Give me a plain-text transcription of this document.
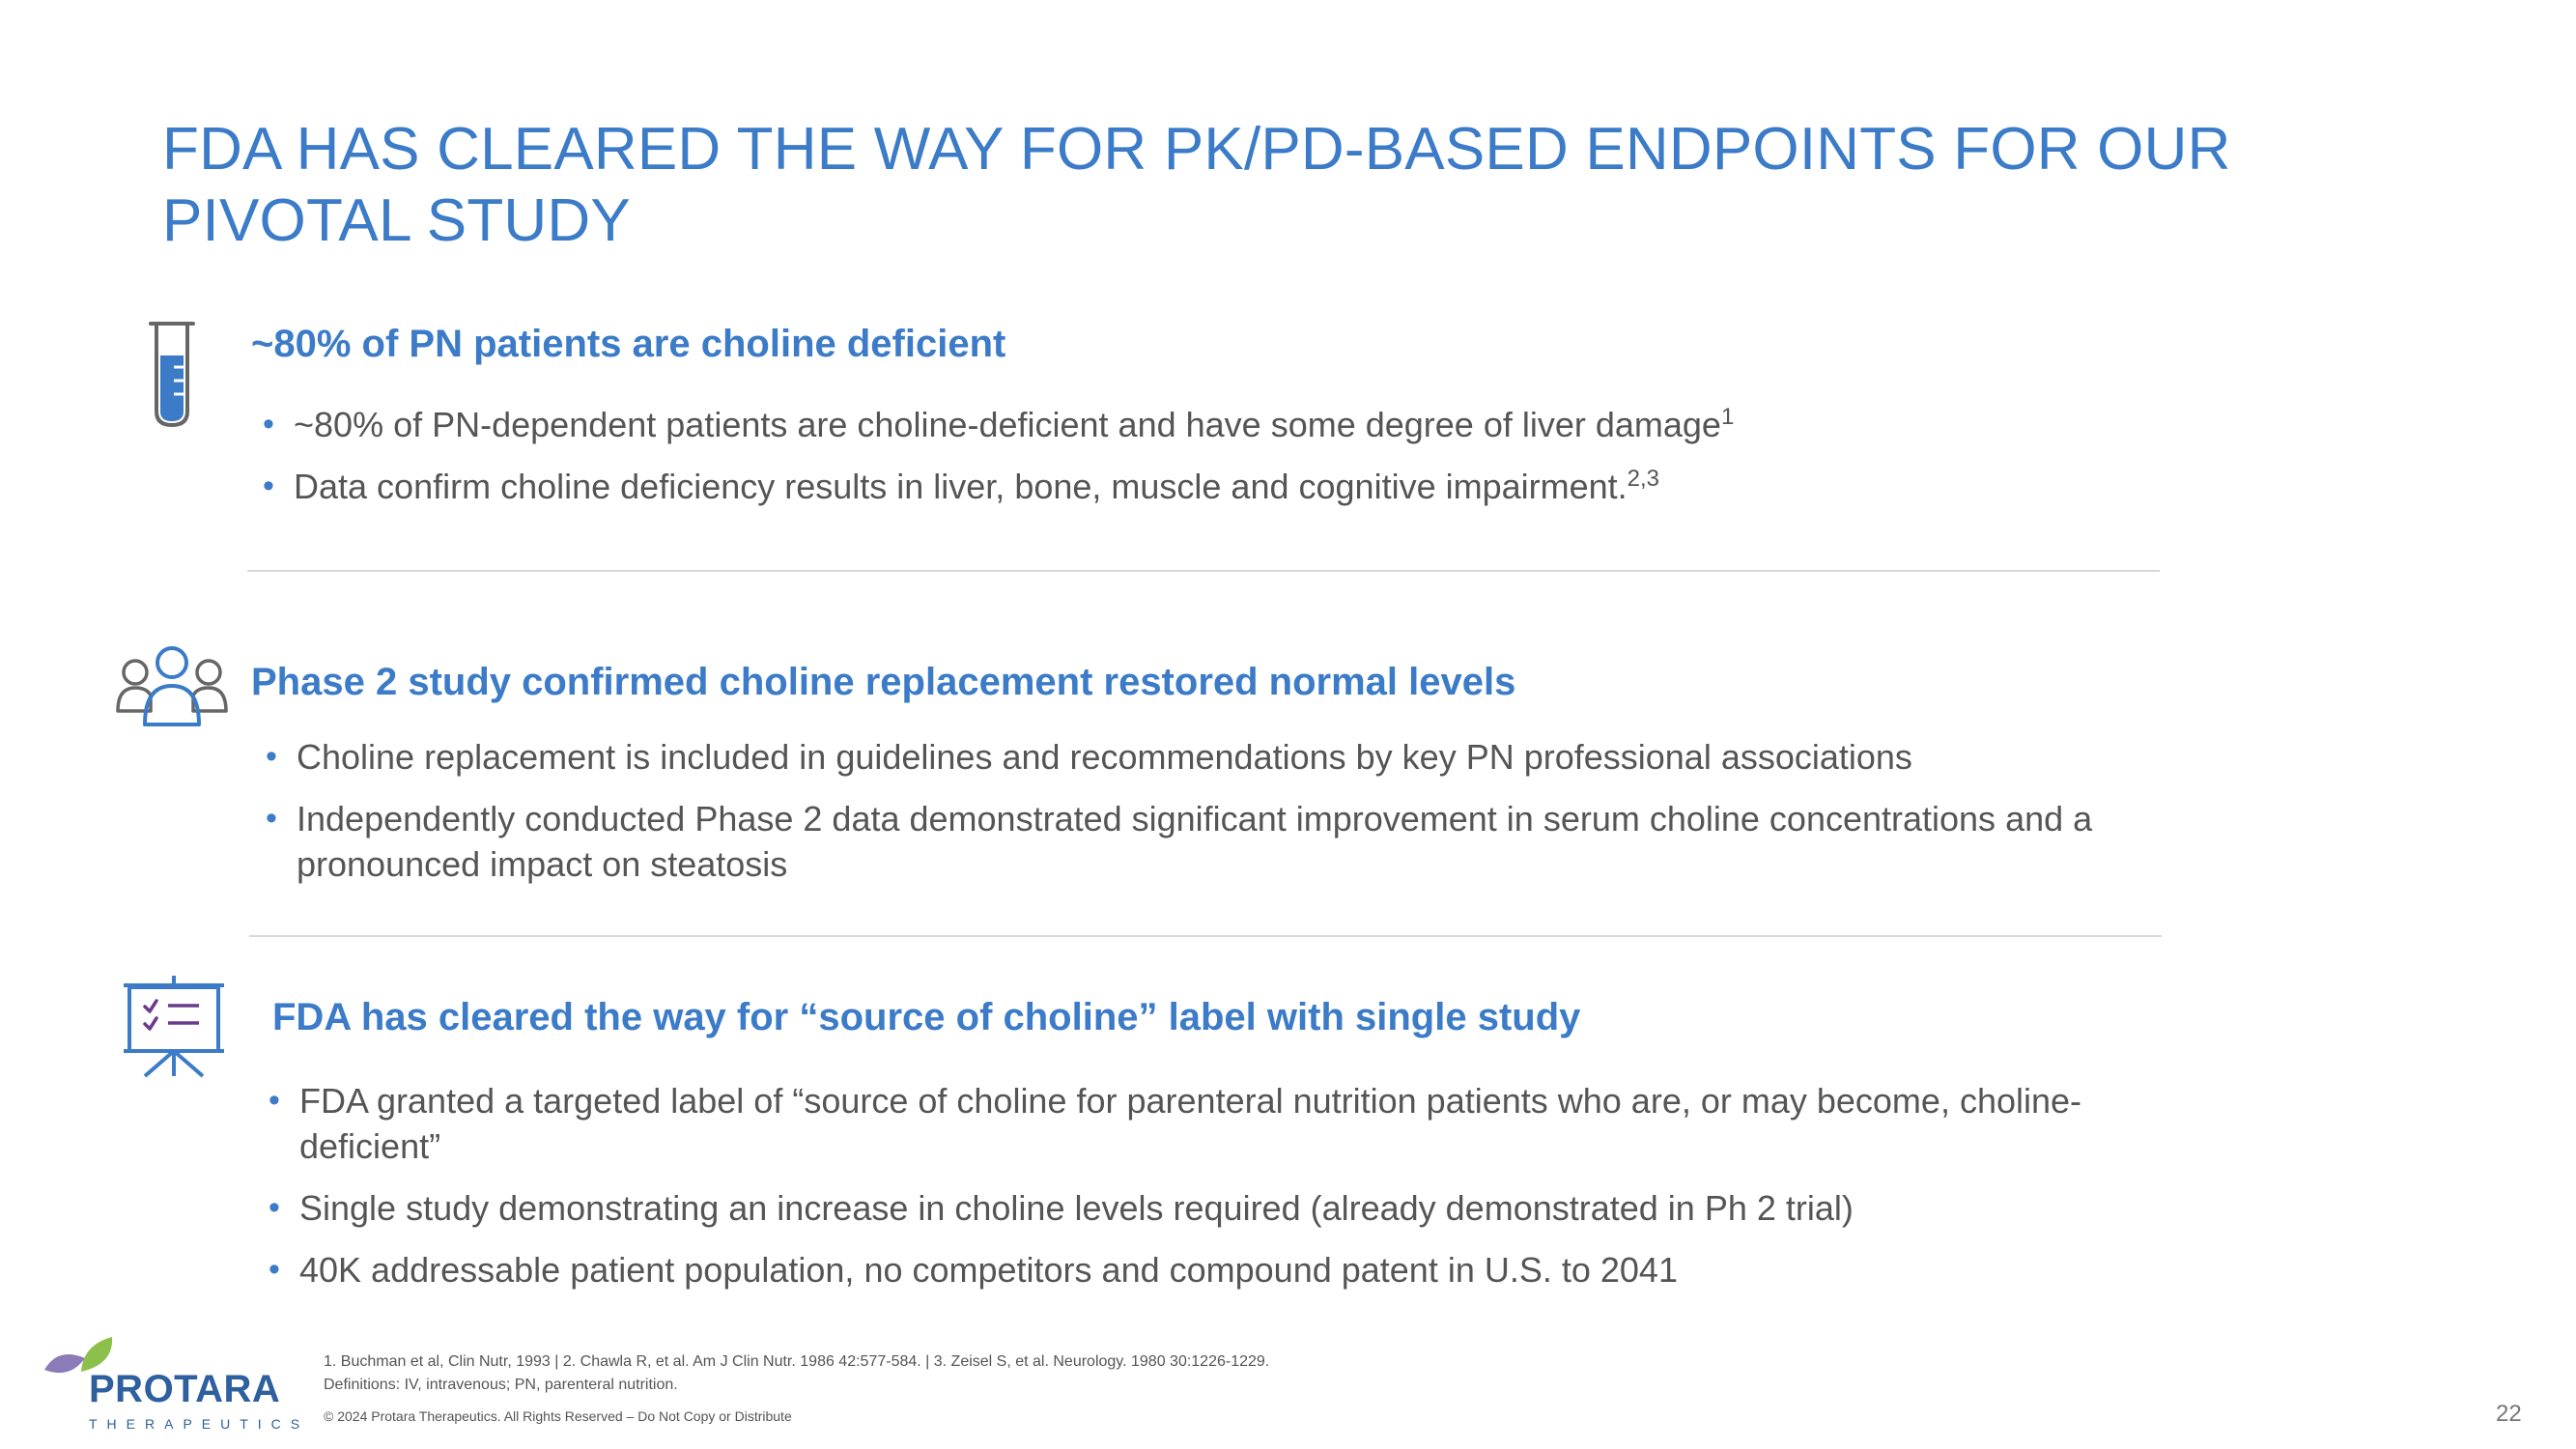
FDA HAS CLEARED THE WAY FOR PK/PD-BASED ENDPOINTS FOR OUR PIVOTAL STUDY
~80% of PN patients are choline deficient
• ~80% of PN-dependent patients are choline-deficient and have some degree of liver damage$^1$
• Data confirm choline deficiency results in liver, bone, muscle and cognitive impairment.$^{2,3}$
Phase 2 study confirmed choline replacement restored normal levels
• Choline replacement is included in guidelines and recommendations by key PN professional associations
• Independently conducted Phase 2 data demonstrated significant improvement in serum choline concentrations and a pronounced impact on steatosis
FDA has cleared the way for “source of choline” label with single study
• FDA granted a targeted label of “source of choline for parenteral nutrition patients who are, or may become, choline-deficient”
• Single study demonstrating an increase in choline levels required (already demonstrated in Ph 2 trial)
• 40K addressable patient population, no competitors and compound patent in U.S. to 2041
PROTARA
THERAPEUTICS
1. Buchman et al, Clin Nutr, 1993 | 2. Chawla R, et al. Am J Clin Nutr. 1986 42:577-584. | 3. Zeisel S, et al. Neurology. 1980 30:1226-1229.
Definitions: IV, intravenous; PN, parenteral nutrition.
© 2024 Protara Therapeutics. All Rights Reserved – Do Not Copy or Distribute	22
